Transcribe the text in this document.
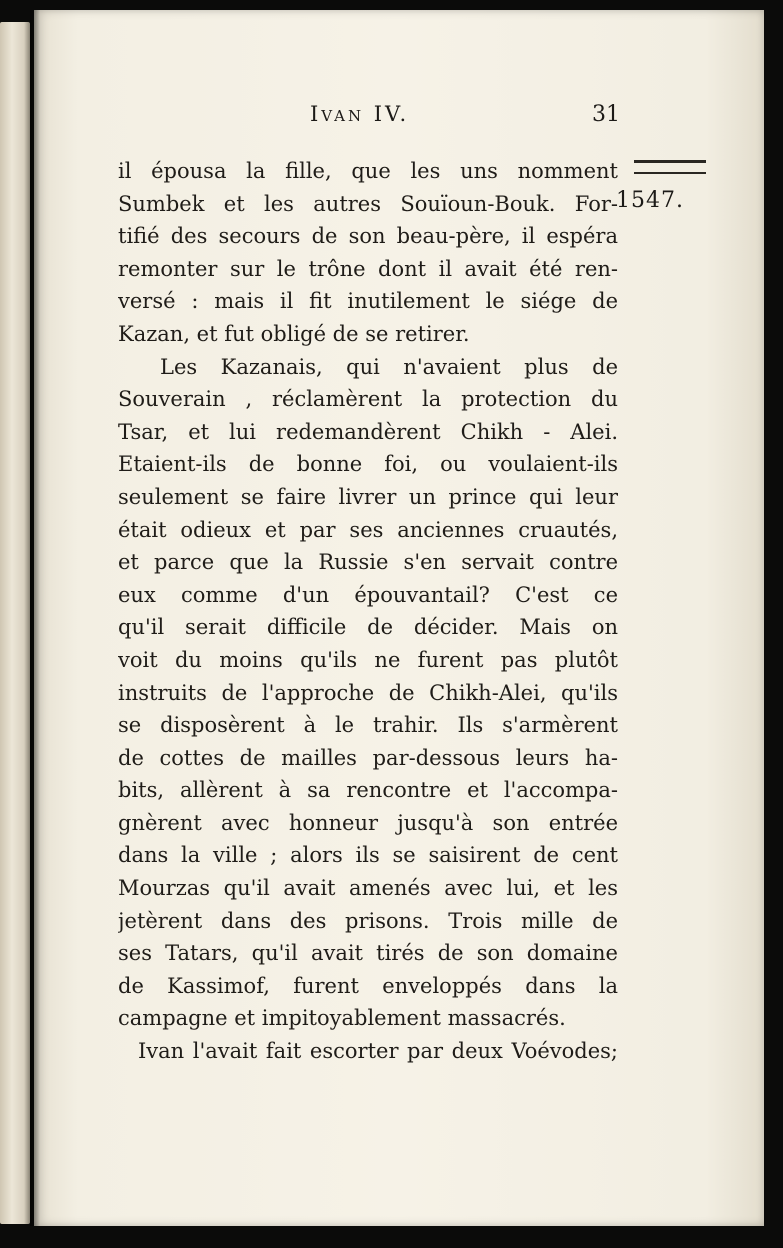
Ivan IV.	31
1547.
il épousa la fille, que les uns nomment
Sumbek et les autres Souïoun-Bouk. For-
tifié des secours de son beau-père, il espéra
remonter sur le trône dont il avait été ren-
versé : mais il fit inutilement le siége de
Kazan, et fut obligé de se retirer.
Les Kazanais, qui n'avaient plus de
Souverain , réclamèrent la protection du
Tsar, et lui redemandèrent Chikh - Alei.
Etaient-ils de bonne foi, ou voulaient-ils
seulement se faire livrer un prince qui leur
était odieux et par ses anciennes cruautés,
et parce que la Russie s'en servait contre
eux comme d'un épouvantail? C'est ce
qu'il serait difficile de décider. Mais on
voit du moins qu'ils ne furent pas plutôt
instruits de l'approche de Chikh-Alei, qu'ils
se disposèrent à le trahir. Ils s'armèrent
de cottes de mailles par-dessous leurs ha-
bits, allèrent à sa rencontre et l'accompa-
gnèrent avec honneur jusqu'à son entrée
dans la ville ; alors ils se saisirent de cent
Mourzas qu'il avait amenés avec lui, et les
jetèrent dans des prisons. Trois mille de
ses Tatars, qu'il avait tirés de son domaine
de Kassimof, furent enveloppés dans la
campagne et impitoyablement massacrés.
Ivan l'avait fait escorter par deux Voévodes;
